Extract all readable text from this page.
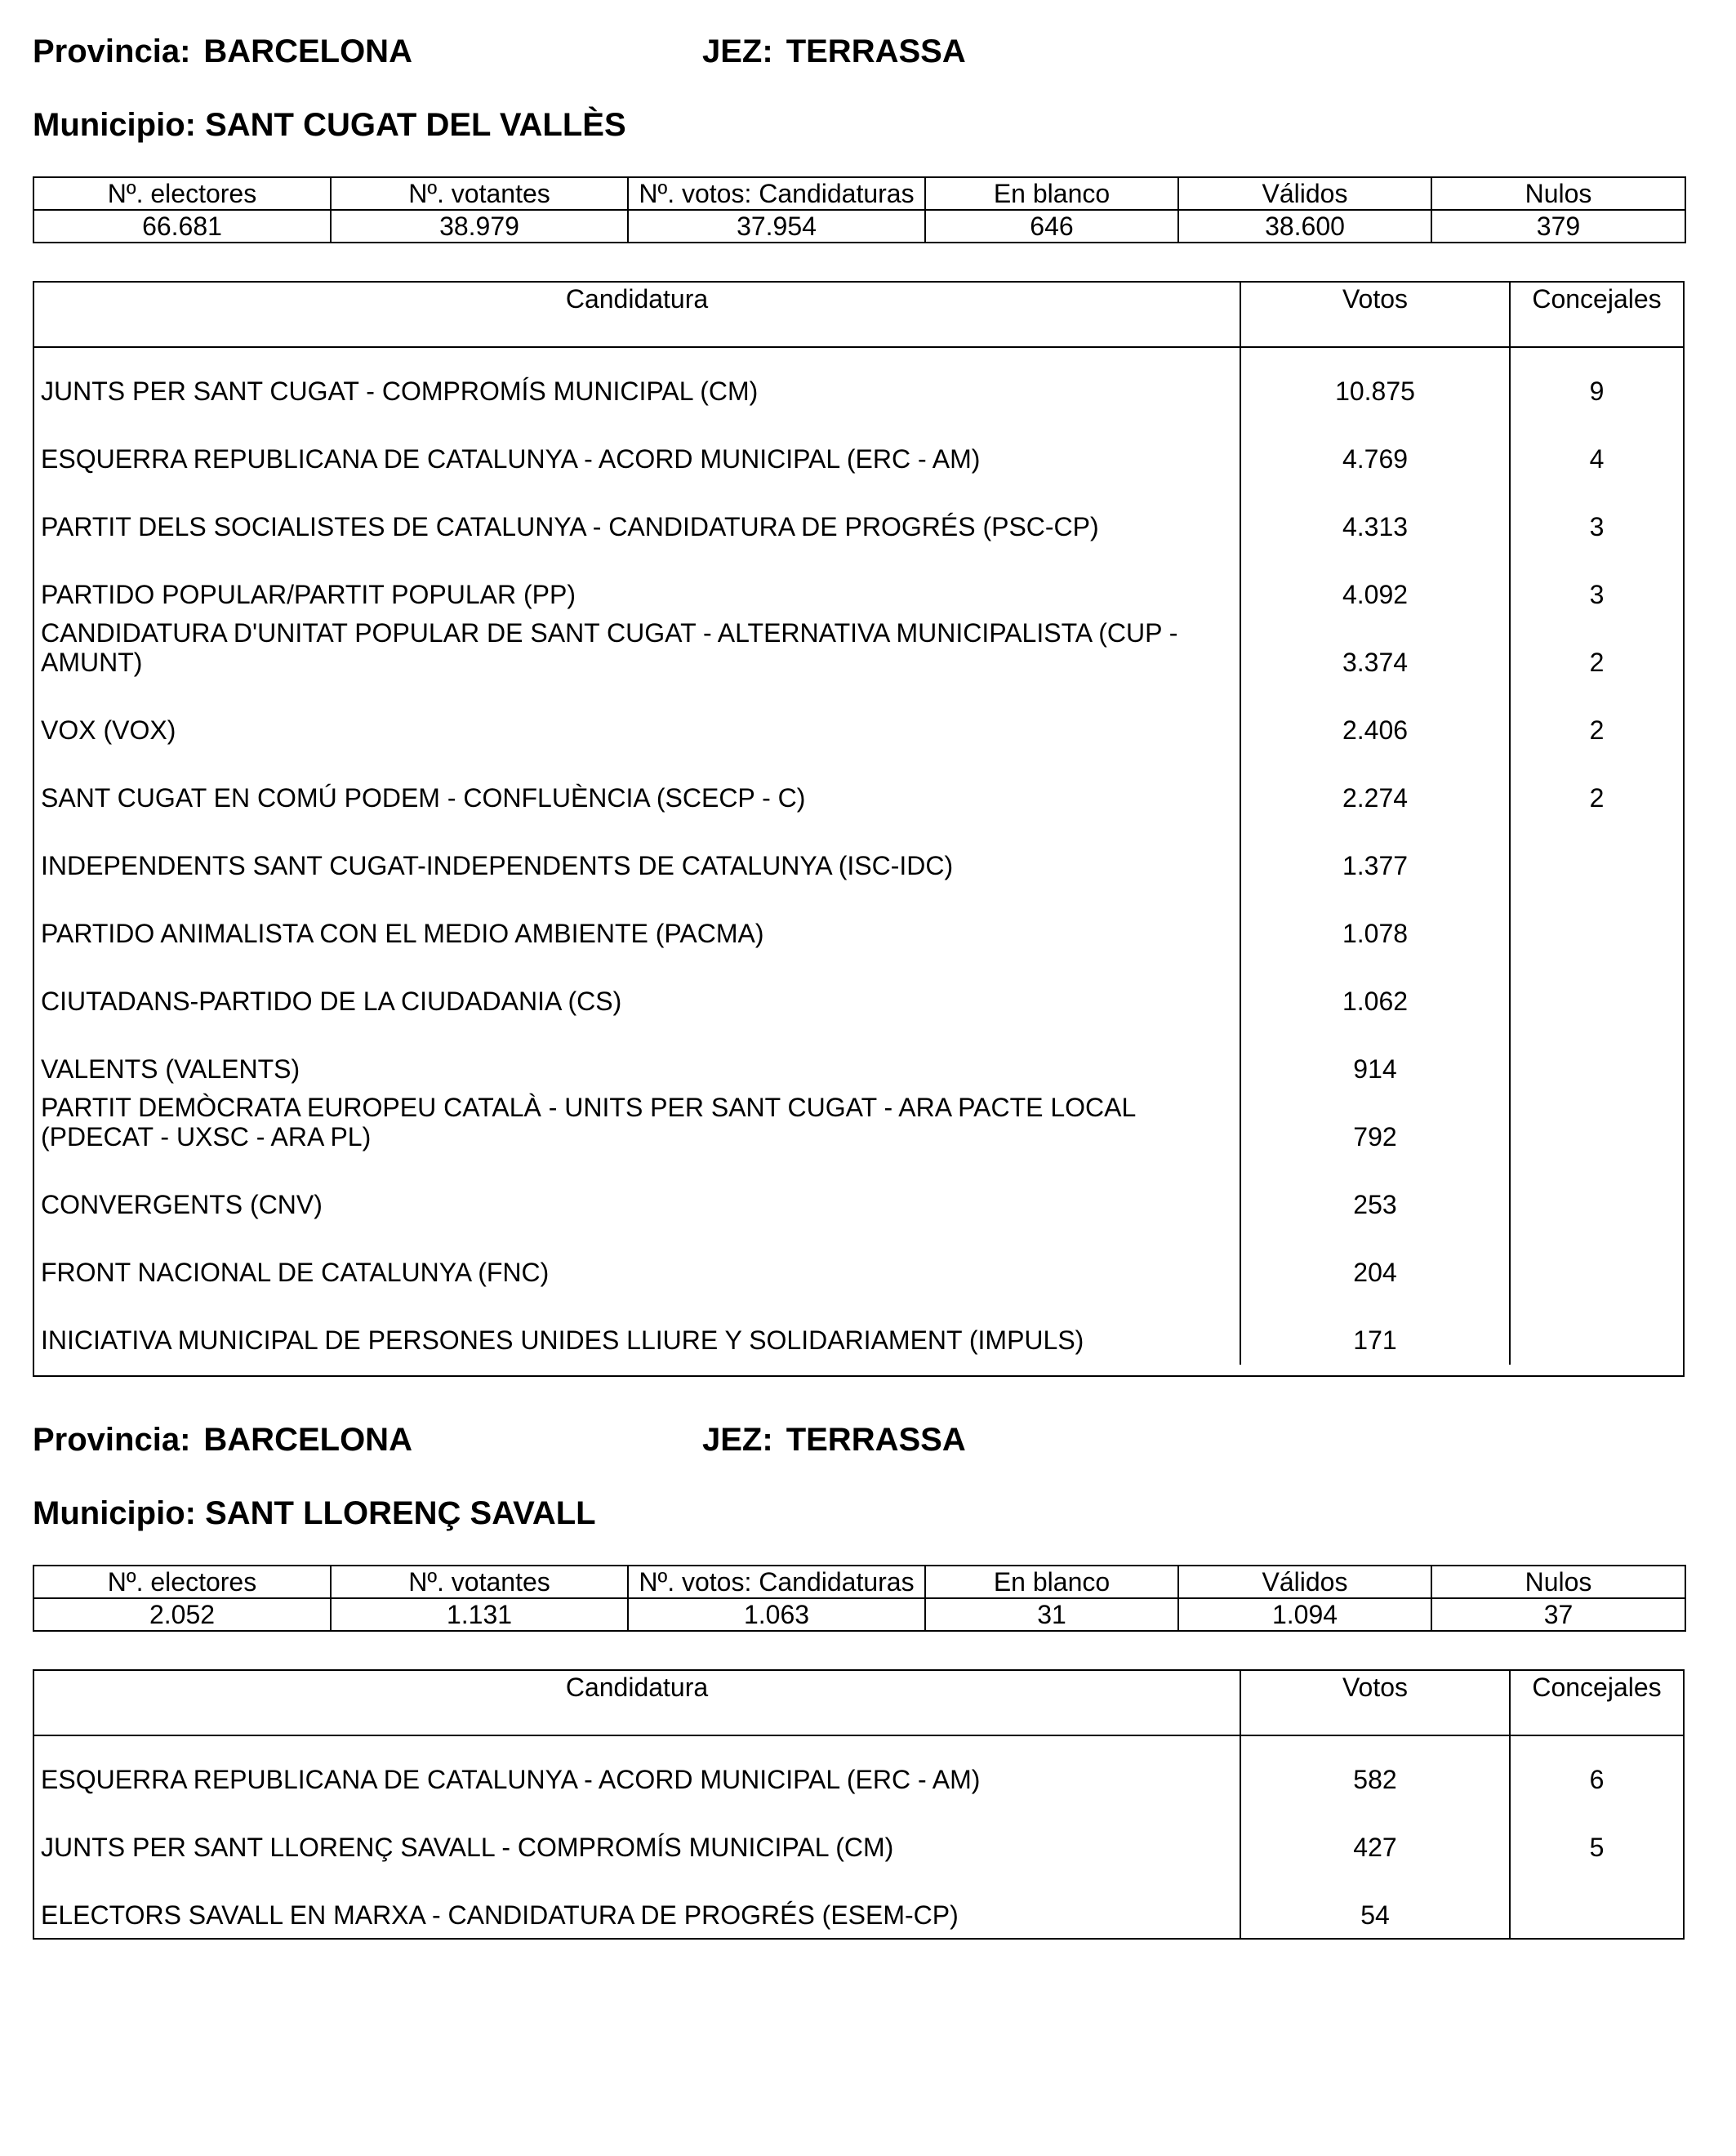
Provincia: BARCELONA	JEZ: TERRASSA
Municipio: SANT CUGAT DEL VALLÈS
Nº. electores	Nº. votantes	Nº. votos: Candidaturas	En blanco	Válidos	Nulos
66.681	38.979	37.954	646	38.600	379
Candidatura	Votos	Concejales
JUNTS PER SANT CUGAT - COMPROMÍS MUNICIPAL (CM)	10.875	9
ESQUERRA REPUBLICANA DE CATALUNYA - ACORD MUNICIPAL (ERC - AM)	4.769	4
PARTIT DELS SOCIALISTES DE CATALUNYA - CANDIDATURA DE PROGRÉS (PSC-CP)	4.313	3
PARTIDO POPULAR/PARTIT POPULAR (PP)	4.092	3
CANDIDATURA D'UNITAT POPULAR DE SANT CUGAT - ALTERNATIVA MUNICIPALISTA (CUP - AMUNT)	3.374	2
VOX (VOX)	2.406	2
SANT CUGAT EN COMÚ PODEM - CONFLUÈNCIA (SCECP - C)	2.274	2
INDEPENDENTS SANT CUGAT-INDEPENDENTS DE CATALUNYA (ISC-IDC)	1.377
PARTIDO ANIMALISTA CON EL MEDIO AMBIENTE (PACMA)	1.078
CIUTADANS-PARTIDO DE LA CIUDADANIA (CS)	1.062
VALENTS (VALENTS)	914
PARTIT DEMÒCRATA EUROPEU CATALÀ - UNITS PER SANT CUGAT - ARA PACTE LOCAL (PDECAT - UXSC - ARA PL)	792
CONVERGENTS (CNV)	253
FRONT NACIONAL DE CATALUNYA (FNC)	204
INICIATIVA MUNICIPAL DE PERSONES UNIDES LLIURE Y SOLIDARIAMENT (IMPULS)	171
Provincia: BARCELONA	JEZ: TERRASSA
Municipio: SANT LLORENÇ SAVALL
Nº. electores	Nº. votantes	Nº. votos: Candidaturas	En blanco	Válidos	Nulos
2.052	1.131	1.063	31	1.094	37
Candidatura	Votos	Concejales
ESQUERRA REPUBLICANA DE CATALUNYA - ACORD MUNICIPAL (ERC - AM)	582	6
JUNTS PER SANT LLORENÇ SAVALL - COMPROMÍS MUNICIPAL (CM)	427	5
ELECTORS SAVALL EN MARXA - CANDIDATURA DE PROGRÉS (ESEM-CP)	54
